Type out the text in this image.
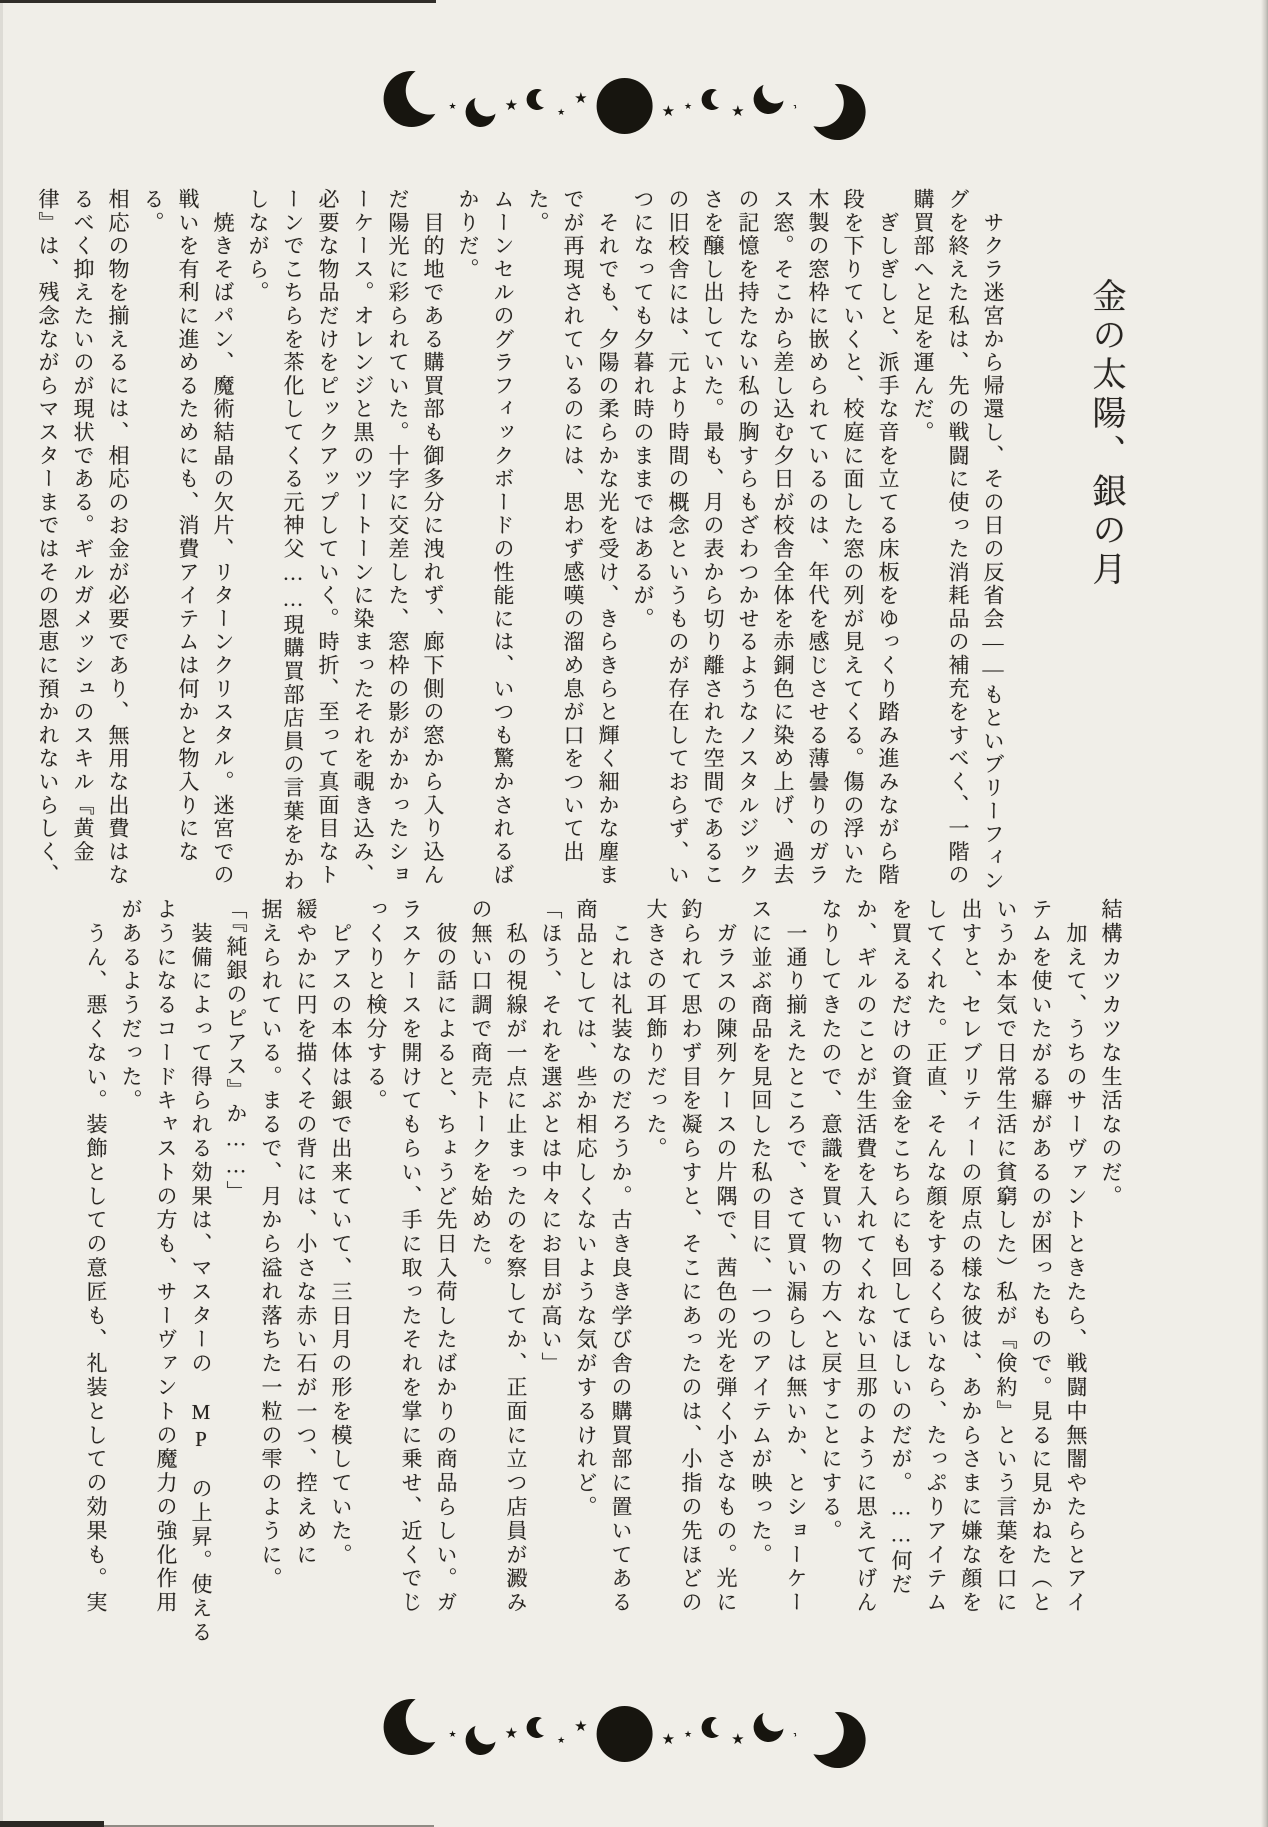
★	★	★
★
★ ★	★	★
金の太陽、銀の月
　サクラ迷宮から帰還し、その日の反省会――もといブリーフィン
グを終えた私は、先の戦闘に使った消耗品の補充をすべく、一階の
購買部へと足を運んだ。
　ぎしぎしと、派手な音を立てる床板をゆっくり踏み進みながら階
段を下りていくと、校庭に面した窓の列が見えてくる。傷の浮いた
木製の窓枠に嵌められているのは、年代を感じさせる薄曇りのガラ
ス窓。そこから差し込む夕日が校舎全体を赤銅色に染め上げ、過去
の記憶を持たない私の胸すらもざわつかせるようなノスタルジック
さを醸し出していた。最も、月の表から切り離された空間であるこ
の旧校舎には、元より時間の概念というものが存在しておらず、い
つになっても夕暮れ時のままではあるが。
　それでも、夕陽の柔らかな光を受け、きらきらと輝く細かな塵ま
でが再現されているのには、思わず感嘆の溜め息が口をついて出た。
ムーンセルのグラフィックボードの性能には、いつも驚かされるば
かりだ。
　目的地である購買部も御多分に洩れず、廊下側の窓から入り込ん
だ陽光に彩られていた。十字に交差した、窓枠の影がかかったショ
ーケース。オレンジと黒のツートーンに染まったそれを覗き込み、
必要な物品だけをピックアップしていく。時折、至って真面目なト
ーンでこちらを茶化してくる元神父……現購買部店員の言葉をかわ
しながら。
　焼きそばパン、魔術結晶の欠片、リターンクリスタル。迷宮での
戦いを有利に進めるためにも、消費アイテムは何かと物入りになる。
相応の物を揃えるには、相応のお金が必要であり、無用な出費はな
るべく抑えたいのが現状である。ギルガメッシュのスキル『黄金
律』は、残念ながらマスターまではその恩恵に預かれないらしく、
結構カツカツな生活なのだ。
　加えて、うちのサーヴァントときたら、戦闘中無闇やたらとアイ
テムを使いたがる癖があるのが困ったもので。見るに見かねた（と
いうか本気で日常生活に貧窮した）私が『倹約』という言葉を口に
出すと、セレブリティーの原点の様な彼は、あからさまに嫌な顔を
してくれた。正直、そんな顔をするくらいなら、たっぷりアイテム
を買えるだけの資金をこちらにも回してほしいのだが。……何だ
か、ギルのことが生活費を入れてくれない旦那のように思えてげん
なりしてきたので、意識を買い物の方へと戻すことにする。
　一通り揃えたところで、さて買い漏らしは無いか、とショーケー
スに並ぶ商品を見回した私の目に、一つのアイテムが映った。
　ガラスの陳列ケースの片隅で、茜色の光を弾く小さなもの。光に
釣られて思わず目を凝らすと、そこにあったのは、小指の先ほどの
大きさの耳飾りだった。
　これは礼装なのだろうか。古き良き学び舎の購買部に置いてある
商品としては、些か相応しくないような気がするけれど。
「ほう、それを選ぶとは中々にお目が高い」
　私の視線が一点に止まったのを察してか、正面に立つ店員が澱み
の無い口調で商売トークを始めた。
　彼の話によると、ちょうど先日入荷したばかりの商品らしい。ガ
ラスケースを開けてもらい、手に取ったそれを掌に乗せ、近くでじ
っくりと検分する。
　ピアスの本体は銀で出来ていて、三日月の形を模していた。
緩やかに円を描くその背には、小さな赤い石が一つ、控えめに
据えられている。まるで、月から溢れ落ちた一粒の雫のように。
「『純銀のピアス』か……」
　装備によって得られる効果は、マスターの　MP　の上昇。使える
ようになるコードキャストの方も、サーヴァントの魔力の強化作用
があるようだった。
　うん、悪くない。装飾としての意匠も、礼装としての効果も。実
★	★	★
★
★ ★	★	★
